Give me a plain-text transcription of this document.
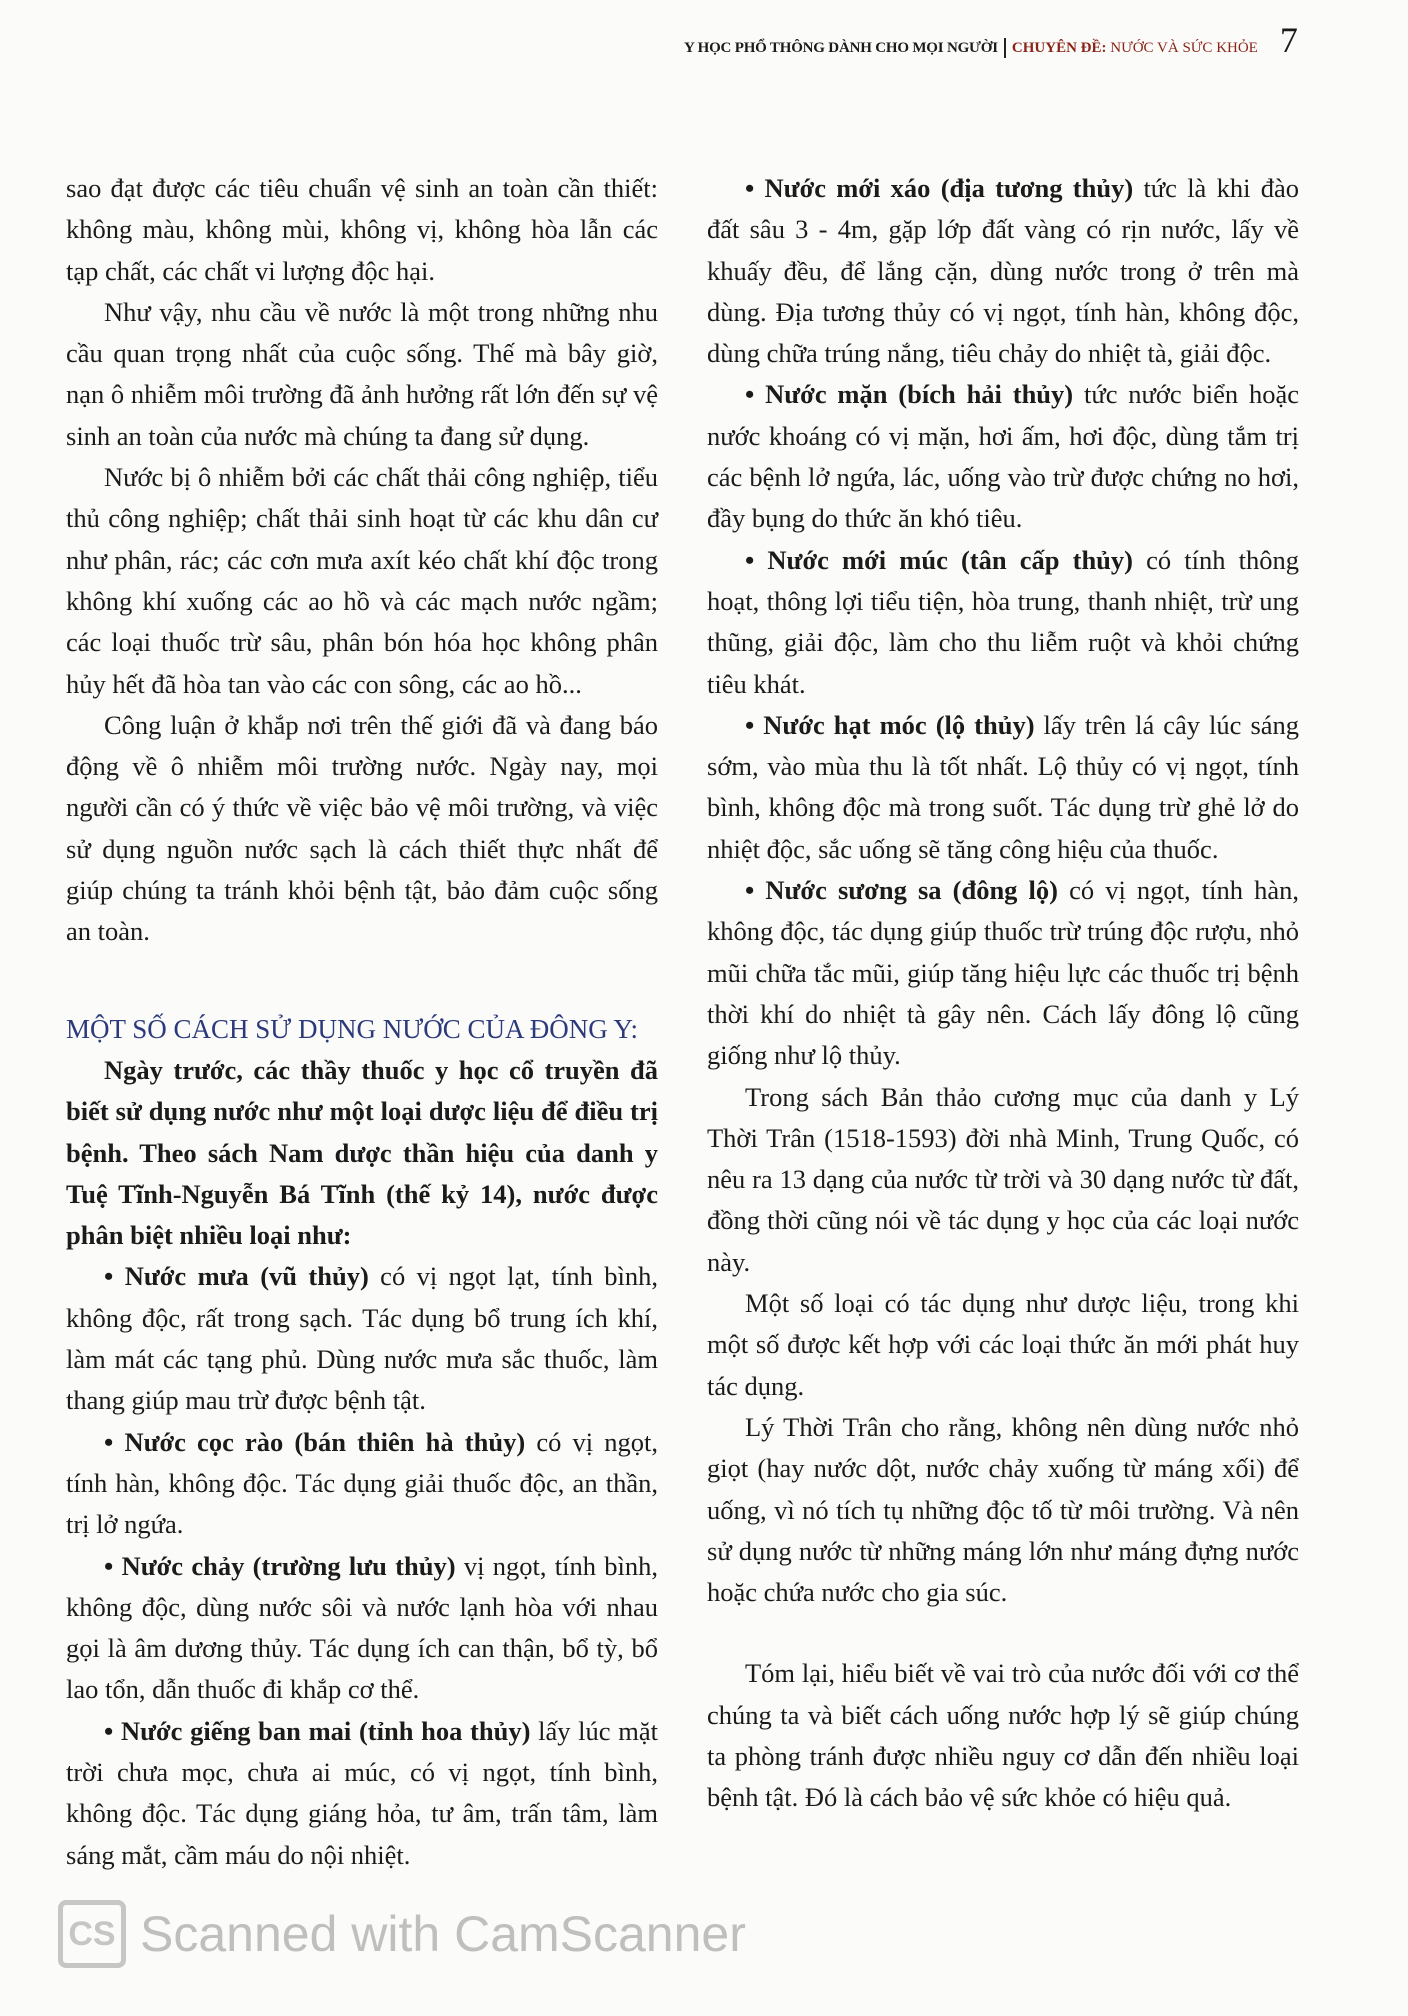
Y HỌC PHỔ THÔNG DÀNH CHO MỌI NGƯỜI CHUYÊN ĐỀ: NƯỚC VÀ SỨC KHỎE 7

sao đạt được các tiêu chuẩn vệ sinh an toàn cần thiết: không màu, không mùi, không vị, không hòa lẫn các tạp chất, các chất vi lượng độc hại.

Như vậy, nhu cầu về nước là một trong những nhu cầu quan trọng nhất của cuộc sống. Thế mà bây giờ, nạn ô nhiễm môi trường đã ảnh hưởng rất lớn đến sự vệ sinh an toàn của nước mà chúng ta đang sử dụng.

Nước bị ô nhiễm bởi các chất thải công nghiệp, tiểu thủ công nghiệp; chất thải sinh hoạt từ các khu dân cư như phân, rác; các cơn mưa axít kéo chất khí độc trong không khí xuống các ao hồ và các mạch nước ngầm; các loại thuốc trừ sâu, phân bón hóa học không phân hủy hết đã hòa tan vào các con sông, các ao hồ...

Công luận ở khắp nơi trên thế giới đã và đang báo động về ô nhiễm môi trường nước. Ngày nay, mọi người cần có ý thức về việc bảo vệ môi trường, và việc sử dụng nguồn nước sạch là cách thiết thực nhất để giúp chúng ta tránh khỏi bệnh tật, bảo đảm cuộc sống an toàn.

MỘT SỐ CÁCH SỬ DỤNG NƯỚC CỦA ĐÔNG Y:

Ngày trước, các thầy thuốc y học cổ truyền đã biết sử dụng nước như một loại dược liệu để điều trị bệnh. Theo sách Nam dược thần hiệu của danh y Tuệ Tĩnh-Nguyễn Bá Tĩnh (thế kỷ 14), nước được phân biệt nhiều loại như:

• Nước mưa (vũ thủy) có vị ngọt lạt, tính bình, không độc, rất trong sạch. Tác dụng bổ trung ích khí, làm mát các tạng phủ. Dùng nước mưa sắc thuốc, làm thang giúp mau trừ được bệnh tật.

• Nước cọc rào (bán thiên hà thủy) có vị ngọt, tính hàn, không độc. Tác dụng giải thuốc độc, an thần, trị lở ngứa.

• Nước chảy (trường lưu thủy) vị ngọt, tính bình, không độc, dùng nước sôi và nước lạnh hòa với nhau gọi là âm dương thủy. Tác dụng ích can thận, bổ tỳ, bổ lao tổn, dẫn thuốc đi khắp cơ thể.

• Nước giếng ban mai (tỉnh hoa thủy) lấy lúc mặt trời chưa mọc, chưa ai múc, có vị ngọt, tính bình, không độc. Tác dụng giáng hỏa, tư âm, trấn tâm, làm sáng mắt, cầm máu do nội nhiệt.

• Nước mới xáo (địa tương thủy) tức là khi đào đất sâu 3 - 4m, gặp lớp đất vàng có rịn nước, lấy về khuấy đều, để lắng cặn, dùng nước trong ở trên mà dùng. Địa tương thủy có vị ngọt, tính hàn, không độc, dùng chữa trúng nắng, tiêu chảy do nhiệt tà, giải độc.

• Nước mặn (bích hải thủy) tức nước biển hoặc nước khoáng có vị mặn, hơi ấm, hơi độc, dùng tắm trị các bệnh lở ngứa, lác, uống vào trừ được chứng no hơi, đầy bụng do thức ăn khó tiêu.

• Nước mới múc (tân cấp thủy) có tính thông hoạt, thông lợi tiểu tiện, hòa trung, thanh nhiệt, trừ ung thũng, giải độc, làm cho thu liễm ruột và khỏi chứng tiêu khát.

• Nước hạt móc (lộ thủy) lấy trên lá cây lúc sáng sớm, vào mùa thu là tốt nhất. Lộ thủy có vị ngọt, tính bình, không độc mà trong suốt. Tác dụng trừ ghẻ lở do nhiệt độc, sắc uống sẽ tăng công hiệu của thuốc.

• Nước sương sa (đông lộ) có vị ngọt, tính hàn, không độc, tác dụng giúp thuốc trừ trúng độc rượu, nhỏ mũi chữa tắc mũi, giúp tăng hiệu lực các thuốc trị bệnh thời khí do nhiệt tà gây nên. Cách lấy đông lộ cũng giống như lộ thủy.

Trong sách Bản thảo cương mục của danh y Lý Thời Trân (1518-1593) đời nhà Minh, Trung Quốc, có nêu ra 13 dạng của nước từ trời và 30 dạng nước từ đất, đồng thời cũng nói về tác dụng y học của các loại nước này.

Một số loại có tác dụng như dược liệu, trong khi một số được kết hợp với các loại thức ăn mới phát huy tác dụng.

Lý Thời Trân cho rằng, không nên dùng nước nhỏ giọt (hay nước dột, nước chảy xuống từ máng xối) để uống, vì nó tích tụ những độc tố từ môi trường. Và nên sử dụng nước từ những máng lớn như máng đựng nước hoặc chứa nước cho gia súc.

Tóm lại, hiểu biết về vai trò của nước đối với cơ thể chúng ta và biết cách uống nước hợp lý sẽ giúp chúng ta phòng tránh được nhiều nguy cơ dẫn đến nhiều loại bệnh tật. Đó là cách bảo vệ sức khỏe có hiệu quả.

CS Scanned with CamScanner
